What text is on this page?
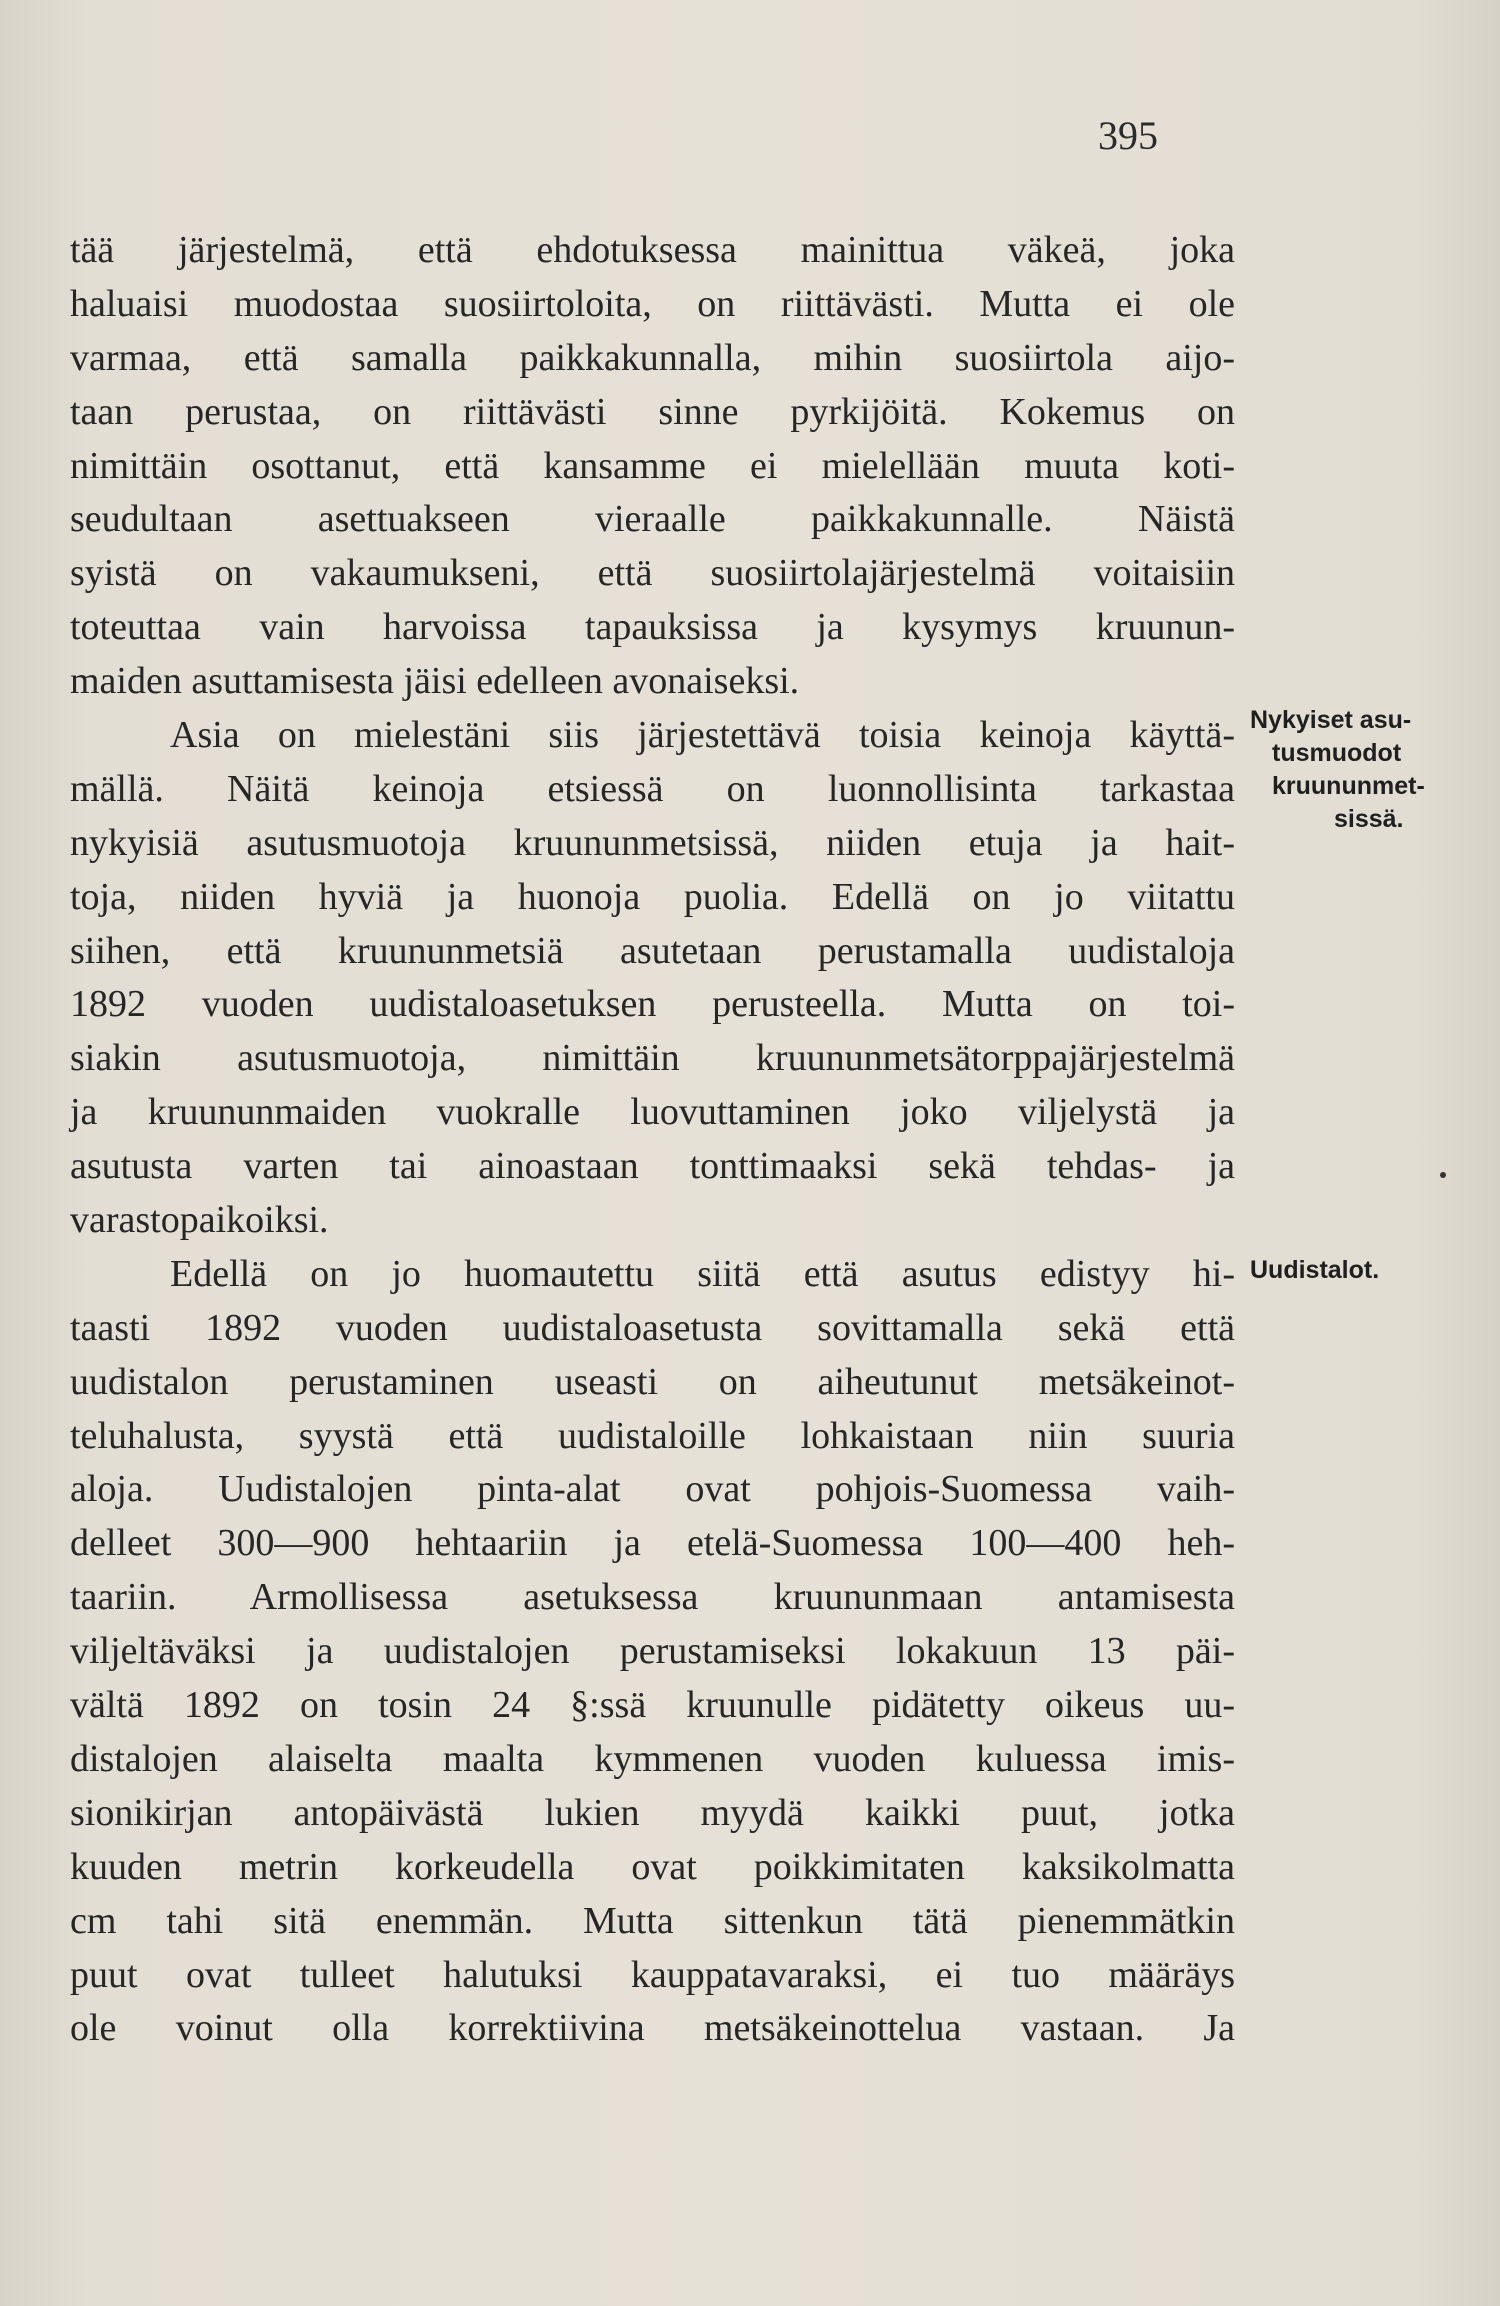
395
tää järjestelmä, että ehdotuksessa mainittua väkeä, joka
haluaisi muodostaa suosiirtoloita, on riittävästi. Mutta ei ole
varmaa, että samalla paikkakunnalla, mihin suosiirtola aijo-
taan perustaa, on riittävästi sinne pyrkijöitä. Kokemus on
nimittäin osottanut, että kansamme ei mielellään muuta koti-
seudultaan asettuakseen vieraalle paikkakunnalle. Näistä
syistä on vakaumukseni, että suosiirtolajärjestelmä voitaisiin
toteuttaa vain harvoissa tapauksissa ja kysymys kruunun-
maiden asuttamisesta jäisi edelleen avonaiseksi.
Asia on mielestäni siis järjestettävä toisia keinoja käyttä-
mällä. Näitä keinoja etsiessä on luonnollisinta tarkastaa
nykyisiä asutusmuotoja kruununmetsissä, niiden etuja ja hait-
toja, niiden hyviä ja huonoja puolia. Edellä on jo viitattu
siihen, että kruununmetsiä asutetaan perustamalla uudistaloja
1892 vuoden uudistaloasetuksen perusteella. Mutta on toi-
siakin asutusmuotoja, nimittäin kruununmetsätorppajärjestelmä
ja kruununmaiden vuokralle luovuttaminen joko viljelystä ja
asutusta varten tai ainoastaan tonttimaaksi sekä tehdas- ja
varastopaikoiksi.
Edellä on jo huomautettu siitä että asutus edistyy hi-
taasti 1892 vuoden uudistaloasetusta sovittamalla sekä että
uudistalon perustaminen useasti on aiheutunut metsäkeinot-
teluhalusta, syystä että uudistaloille lohkaistaan niin suuria
aloja. Uudistalojen pinta-alat ovat pohjois-Suomessa vaih-
delleet 300—900 hehtaariin ja etelä-Suomessa 100—400 heh-
taariin. Armollisessa asetuksessa kruununmaan antamisesta
viljeltäväksi ja uudistalojen perustamiseksi lokakuun 13 päi-
vältä 1892 on tosin 24 §:ssä kruunulle pidätetty oikeus uu-
distalojen alaiselta maalta kymmenen vuoden kuluessa imis-
sionikirjan antopäivästä lukien myydä kaikki puut, jotka
kuuden metrin korkeudella ovat poikkimitaten kaksikolmatta
cm tahi sitä enemmän. Mutta sittenkun tätä pienemmätkin
puut ovat tulleet halutuksi kauppatavaraksi, ei tuo määräys
ole voinut olla korrektiivina metsäkeinottelua vastaan. Ja
Nykyiset asu-
tusmuodot
kruununmet-
sissä.
Uudistalot.
